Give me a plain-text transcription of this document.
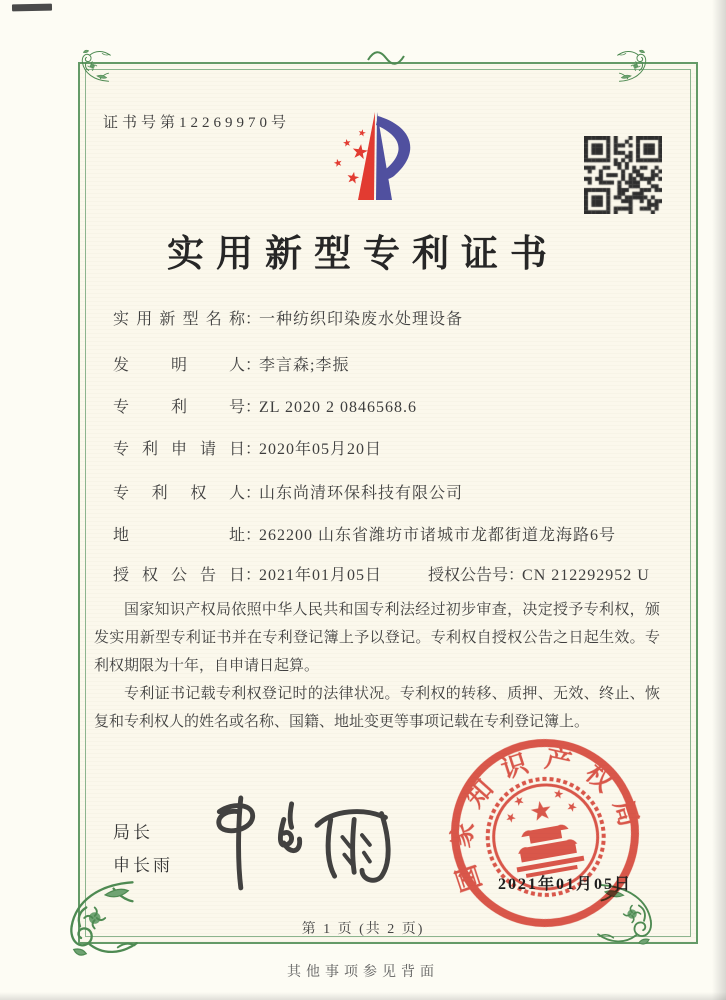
证书号第12269970号
实用新型专利证书
实用新型名称：一种纺织印染废水处理设备
发明人：李言森;李振
专利号：ZL 2020 2 0846568.6
专利申请日：2020年05月20日
专利权人：山东尚清环保科技有限公司
地址：262200 山东省潍坊市诸城市龙都街道龙海路6号
授权公告日：2021年01月05日	授权公告号：CN 212292952 U

国家知识产权局依照中华人民共和国专利法经过初步审查，决定授予专利权，颁发实用新型专利证书并在专利登记簿上予以登记。专利权自授权公告之日起生效。专利权期限为十年，自申请日起算。

专利证书记载专利权登记时的法律状况。专利权的转移、质押、无效、终止、恢复和专利权人的姓名或名称、国籍、地址变更等事项记载在专利登记簿上。

局长
申长雨	国家知识产权局
2021年01月05日
第 1 页 (共 2 页)
其他事项参见背面
